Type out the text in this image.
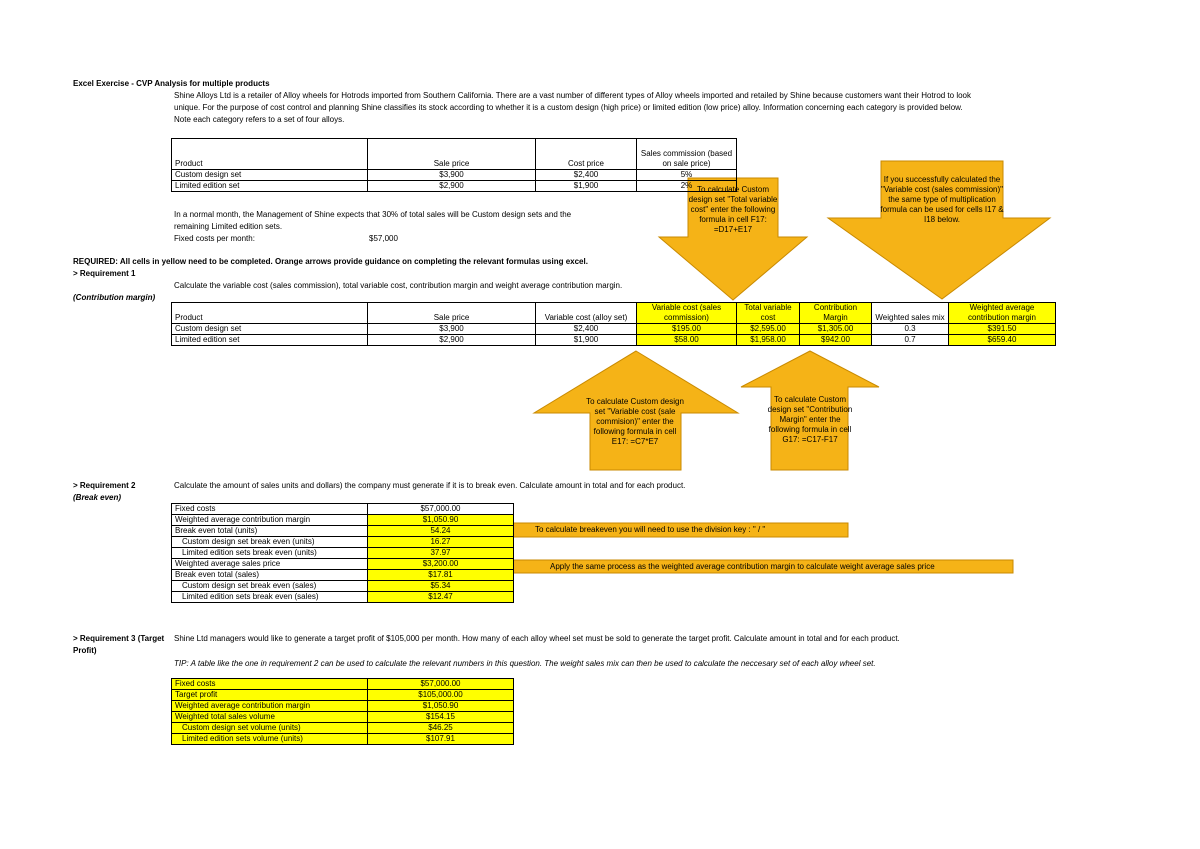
Excel Exercise - CVP Analysis for multiple products
Shine Alloys Ltd is a retailer of Alloy wheels for Hotrods imported from Southern California. There are a vast number of different types of Alloy wheels imported and retailed by Shine because customers want their Hotrod to look
unique. For the purpose of cost control and planning Shine classifies its stock according to whether it is a custom design (high price) or limited edition (low price) alloy. Information concerning each category is provided below.
Note each category refers to a set of four alloys.
Product	Sale price	Cost price	Sales commission (based on sale price)
Custom design set	$3,900	$2,400	5%
Limited edition set	$2,900	$1,900	2%
In a normal month, the Management of Shine expects that 30% of total sales will be Custom design sets and the
remaining Limited edition sets.
Fixed costs per month:	$57,000
REQUIRED: All cells in yellow need to be completed. Orange arrows provide guidance on completing the relevant formulas using excel.
> Requirement 1
Calculate the variable cost (sales commission), total variable cost, contribution margin and weight average contribution margin.
(Contribution margin)
Product	Sale price	Variable cost (alloy set)	Variable cost (sales commission)	Total variable cost	Contribution Margin	Weighted sales mix	Weighted average contribution margin
Custom design set	$3,900	$2,400	$195.00	$2,595.00	$1,305.00	0.3	$391.50
Limited edition set	$2,900	$1,900	$58.00	$1,958.00	$942.00	0.7	$659.40
To calculate Custom design set "Total variable cost" enter the following formula in cell F17: =D17+E17
If you successfully calculated the "Variable cost (sales commission)" the same type of multiplication formula can be used for cells I17 & I18 below.
To calculate Custom design set "Variable cost (sale commision)" enter the following formula in cell E17: =C7*E7
To calculate Custom design set "Contribution Margin" enter the following formula in cell G17: =C17-F17
> Requirement 2
(Break even)
Calculate the amount of sales units and dollars) the company must generate if it is to break even. Calculate amount in total and for each product.
Fixed costs	$57,000.00
Weighted average contribution margin	$1,050.90
Break even total (units)	54.24
Custom design set break even (units)	16.27
Limited edition sets break even (units)	37.97
Weighted average sales price	$3,200.00
Break even total (sales)	$17.81
Custom design set break even (sales)	$5.34
Limited edition sets break even (sales)	$12.47
To calculate breakeven you will need to use the division key : " / "
Apply the same process as the weighted average contribution margin to calculate weight average sales price
> Requirement 3 (Target
Profit)
Shine Ltd managers would like to generate a target profit of $105,000 per month. How many of each alloy wheel set must be sold to generate the target profit. Calculate amount in total and for each product.
TIP: A table like the one in requirement 2 can be used to calculate the relevant numbers in this question. The weight sales mix can then be used to calculate the neccesary set of each alloy wheel set.
Fixed costs	$57,000.00
Target profit	$105,000.00
Weighted average contribution margin	$1,050.90
Weighted total sales volume	$154.15
Custom design set volume (units)	$46.25
Limited edition sets volume (units)	$107.91
